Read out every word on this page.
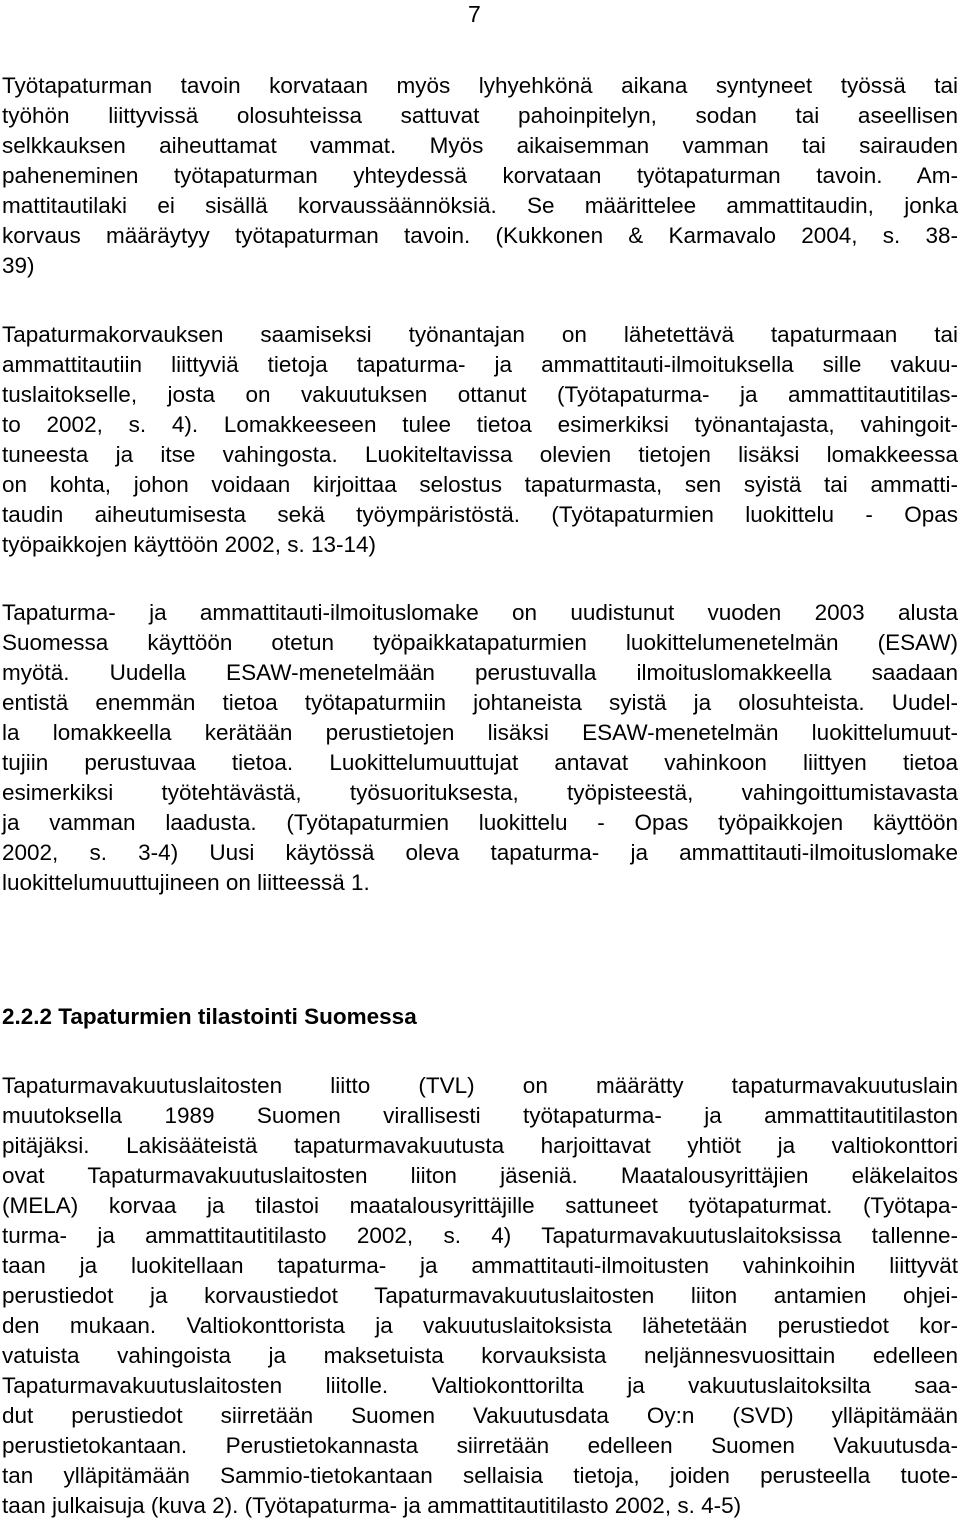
7
Työtapaturman tavoin korvataan myös lyhyehkönä aikana syntyneet työssä tai
työhön liittyvissä olosuhteissa sattuvat pahoinpitelyn, sodan tai aseellisen
selkkauksen aiheuttamat vammat. Myös aikaisemman vamman tai sairauden
paheneminen työtapaturman yhteydessä korvataan työtapaturman tavoin. Am-
mattitautilaki ei sisällä korvaussäännöksiä. Se määrittelee ammattitaudin, jonka
korvaus määräytyy työtapaturman tavoin. (Kukkonen & Karmavalo 2004, s. 38-
39)
Tapaturmakorvauksen saamiseksi työnantajan on lähetettävä tapaturmaan tai
ammattitautiin liittyviä tietoja tapaturma- ja ammattitauti-ilmoituksella sille vakuu-
tuslaitokselle, josta on vakuutuksen ottanut (Työtapaturma- ja ammattitautitilas-
to 2002, s. 4). Lomakkeeseen tulee tietoa esimerkiksi työnantajasta, vahingoit-
tuneesta ja itse vahingosta. Luokiteltavissa olevien tietojen lisäksi lomakkeessa
on kohta, johon voidaan kirjoittaa selostus tapaturmasta, sen syistä tai ammatti-
taudin aiheutumisesta sekä työympäristöstä. (Työtapaturmien luokittelu - Opas
työpaikkojen käyttöön 2002, s. 13-14)
Tapaturma- ja ammattitauti-ilmoituslomake on uudistunut vuoden 2003 alusta
Suomessa käyttöön otetun työpaikkatapaturmien luokittelumenetelmän (ESAW)
myötä. Uudella ESAW-menetelmään perustuvalla ilmoituslomakkeella saadaan
entistä enemmän tietoa työtapaturmiin johtaneista syistä ja olosuhteista. Uudel-
la lomakkeella kerätään perustietojen lisäksi ESAW-menetelmän luokittelumuut-
tujiin perustuvaa tietoa. Luokittelumuuttujat antavat vahinkoon liittyen tietoa
esimerkiksi työtehtävästä, työsuorituksesta, työpisteestä, vahingoittumistavasta
ja vamman laadusta. (Työtapaturmien luokittelu - Opas työpaikkojen käyttöön
2002, s. 3-4) Uusi käytössä oleva tapaturma- ja ammattitauti-ilmoituslomake
luokittelumuuttujineen on liitteessä 1.
2.2.2 Tapaturmien tilastointi Suomessa
Tapaturmavakuutuslaitosten liitto (TVL) on määrätty tapaturmavakuutuslain
muutoksella 1989 Suomen virallisesti työtapaturma- ja ammattitautitilaston
pitäjäksi. Lakisääteistä tapaturmavakuutusta harjoittavat yhtiöt ja valtiokonttori
ovat Tapaturmavakuutuslaitosten liiton jäseniä. Maatalousyrittäjien eläkelaitos
(MELA) korvaa ja tilastoi maatalousyrittäjille sattuneet työtapaturmat. (Työtapa-
turma- ja ammattitautitilasto 2002, s. 4) Tapaturmavakuutuslaitoksissa tallenne-
taan ja luokitellaan tapaturma- ja ammattitauti-ilmoitusten vahinkoihin liittyvät
perustiedot ja korvaustiedot Tapaturmavakuutuslaitosten liiton antamien ohjei-
den mukaan. Valtiokonttorista ja vakuutuslaitoksista lähetetään perustiedot kor-
vatuista vahingoista ja maksetuista korvauksista neljännesvuosittain edelleen
Tapaturmavakuutuslaitosten liitolle. Valtiokonttorilta ja vakuutuslaitoksilta saa-
dut perustiedot siirretään Suomen Vakuutusdata Oy:n (SVD) ylläpitämään
perustietokantaan. Perustietokannasta siirretään edelleen Suomen Vakuutusda-
tan ylläpitämään Sammio-tietokantaan sellaisia tietoja, joiden perusteella tuote-
taan julkaisuja (kuva 2). (Työtapaturma- ja ammattitautitilasto 2002, s. 4-5)
